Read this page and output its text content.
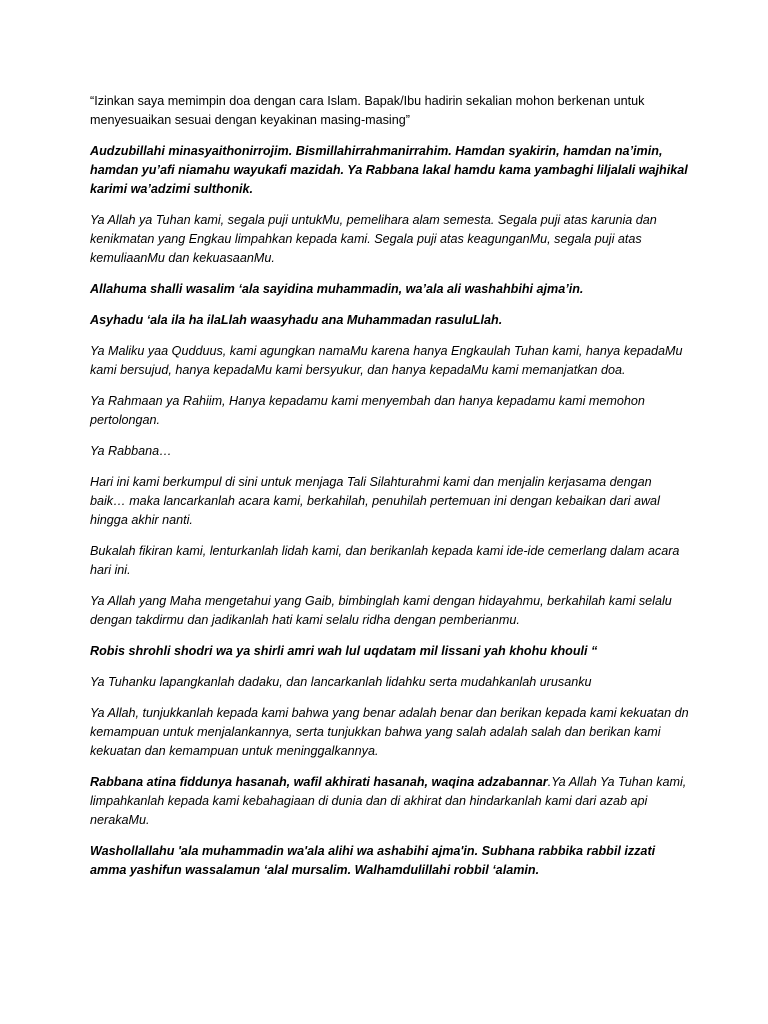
“Izinkan saya memimpin doa dengan cara Islam. Bapak/Ibu hadirin sekalian mohon berkenan untuk menyesuaikan sesuai dengan keyakinan masing-masing”

Audzubillahi minasyaithonirrojim. Bismillahirrahmanirrahim. Hamdan syakirin, hamdan na’imin, hamdan yu’afi niamahu wayukafi mazidah. Ya Rabbana lakal hamdu kama yambaghi liljalali wajhikal karimi wa’adzimi sulthonik.

Ya Allah ya Tuhan kami, segala puji untukMu, pemelihara alam semesta. Segala puji atas karunia dan kenikmatan yang Engkau limpahkan kepada kami. Segala puji atas keagunganMu, segala puji atas kemuliaanMu dan kekuasaanMu.

Allahuma shalli wasalim ‘ala sayidina muhammadin, wa’ala ali washahbihi ajma’in.

Asyhadu ‘ala ila ha ilaLlah waasyhadu ana Muhammadan rasuluLlah.

Ya Maliku yaa Qudduus, kami agungkan namaMu karena hanya Engkaulah Tuhan kami, hanya kepadaMu kami bersujud, hanya kepadaMu kami bersyukur, dan hanya kepadaMu kami memanjatkan doa.

Ya Rahmaan ya Rahiim, Hanya kepadamu kami menyembah dan hanya kepadamu kami memohon pertolongan.

Ya Rabbana…

Hari ini kami berkumpul di sini untuk menjaga Tali Silahturahmi kami dan menjalin kerjasama dengan baik… maka lancarkanlah acara kami, berkahilah, penuhilah pertemuan ini dengan kebaikan dari awal hingga akhir nanti.

Bukalah fikiran kami, lenturkanlah lidah kami, dan berikanlah kepada kami ide-ide cemerlang dalam acara hari ini.

Ya Allah yang Maha mengetahui yang Gaib, bimbinglah kami dengan hidayahmu, berkahilah kami selalu dengan takdirmu dan jadikanlah hati kami selalu ridha dengan pemberianmu.

Robis shrohli shodri wa ya shirli amri wah lul uqdatam mil lissani yah khohu khouli “

Ya Tuhanku lapangkanlah dadaku, dan lancarkanlah lidahku serta mudahkanlah urusanku

Ya Allah, tunjukkanlah kepada kami bahwa yang benar adalah benar dan berikan kepada kami kekuatan dn kemampuan untuk menjalankannya, serta tunjukkan bahwa yang salah adalah salah dan berikan kami kekuatan dan kemampuan untuk meninggalkannya.

Rabbana atina fiddunya hasanah, wafil akhirati hasanah, waqina adzabannar.Ya Allah Ya Tuhan kami, limpahkanlah kepada kami kebahagiaan di dunia dan di akhirat dan hindarkanlah kami dari azab api nerakaMu.

Washollallahu 'ala muhammadin wa'ala alihi wa ashabihi ajma'in. Subhana rabbika rabbil izzati amma yashifun wassalamun ‘alal mursalim. Walhamdulillahi robbil ‘alamin.
